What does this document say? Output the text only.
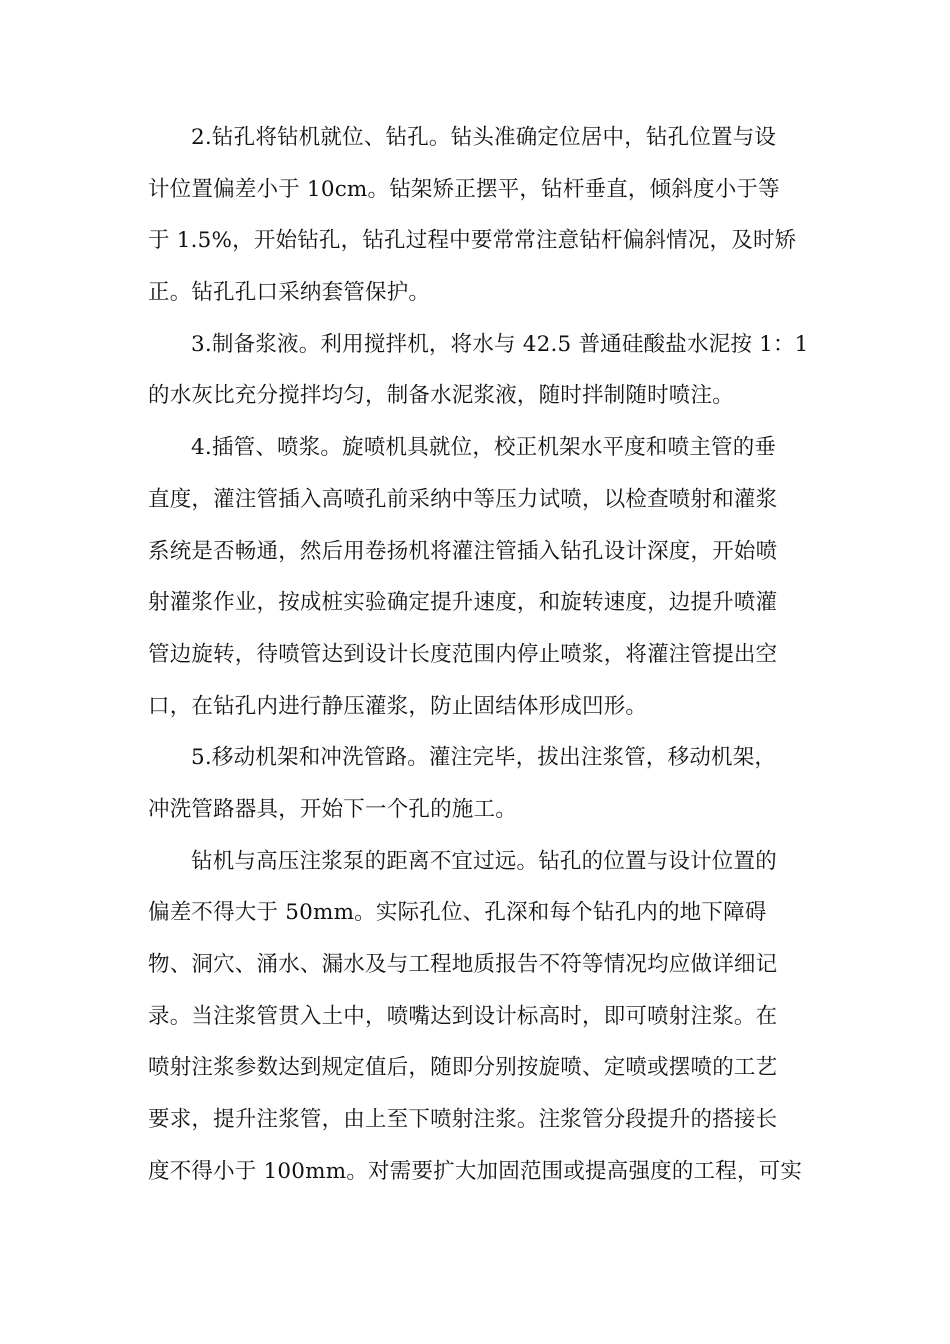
2.钻孔将钻机就位、钻孔。钻头准确定位居中，钻孔位置与设
计位置偏差小于 10cm。钻架矫正摆平，钻杆垂直，倾斜度小于等
于 1.5%，开始钻孔，钻孔过程中要常常注意钻杆偏斜情况，及时矫
正。钻孔孔口采纳套管保护。
3.制备浆液。利用搅拌机，将水与 42.5 普通硅酸盐水泥按 1：1
的水灰比充分搅拌均匀，制备水泥浆液，随时拌制随时喷注。
4.插管、喷浆。旋喷机具就位，校正机架水平度和喷主管的垂
直度，灌注管插入高喷孔前采纳中等压力试喷，以检查喷射和灌浆
系统是否畅通，然后用卷扬机将灌注管插入钻孔设计深度，开始喷
射灌浆作业，按成桩实验确定提升速度，和旋转速度，边提升喷灌
管边旋转，待喷管达到设计长度范围内停止喷浆，将灌注管提出空
口，在钻孔内进行静压灌浆，防止固结体形成凹形。
5.移动机架和冲洗管路。灌注完毕，拔出注浆管，移动机架，
冲洗管路器具，开始下一个孔的施工。
钻机与高压注浆泵的距离不宜过远。钻孔的位置与设计位置的
偏差不得大于 50mm。实际孔位、孔深和每个钻孔内的地下障碍
物、洞穴、涌水、漏水及与工程地质报告不符等情况均应做详细记
录。当注浆管贯入土中，喷嘴达到设计标高时，即可喷射注浆。在
喷射注浆参数达到规定值后，随即分别按旋喷、定喷或摆喷的工艺
要求，提升注浆管，由上至下喷射注浆。注浆管分段提升的搭接长
度不得小于 100mm。对需要扩大加固范围或提高强度的工程，可实
